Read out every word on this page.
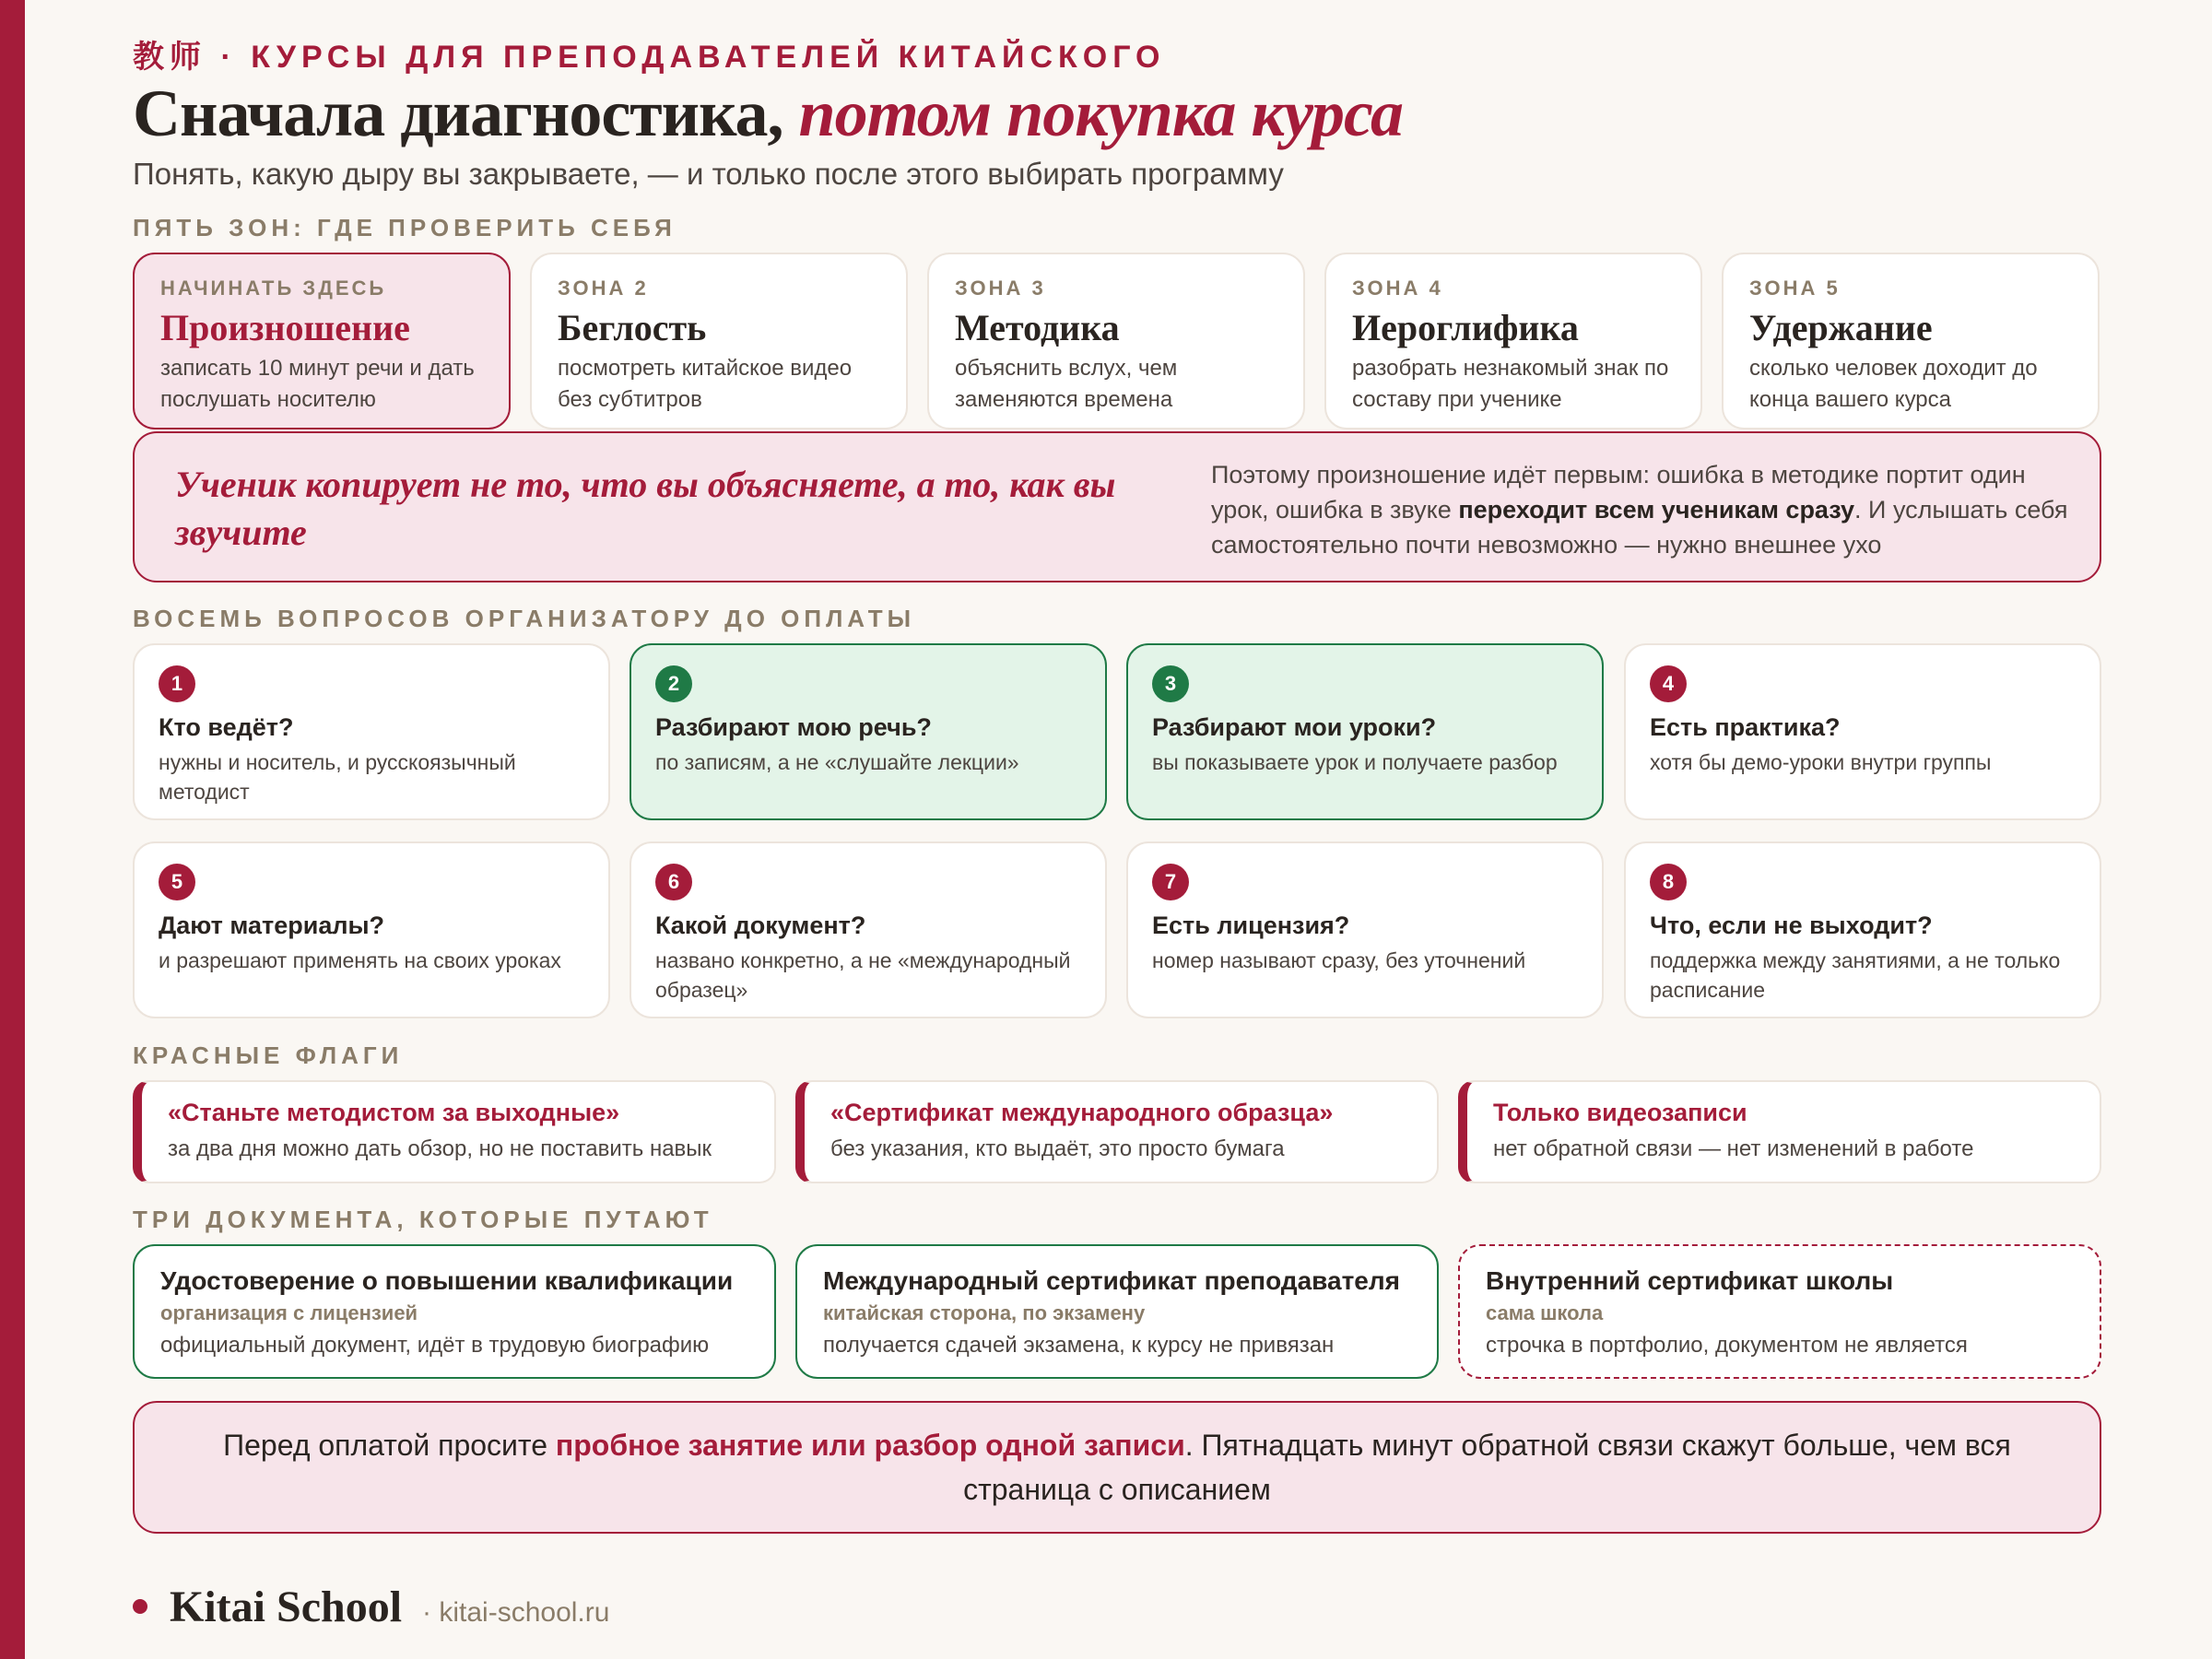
教师 · КУРСЫ ДЛЯ ПРЕПОДАВАТЕЛЕЙ КИТАЙСКОГО
Сначала диагностика, потом покупка курса
Понять, какую дыру вы закрываете, — и только после этого выбирать программу
ПЯТЬ ЗОН: ГДЕ ПРОВЕРИТЬ СЕБЯ
НАЧИНАТЬ ЗДЕСЬ
Произношение
записать 10 минут речи и дать послушать носителю
ЗОНА 2
Беглость
посмотреть китайское видео без субтитров
ЗОНА 3
Методика
объяснить вслух, чем заменяются времена
ЗОНА 4
Иероглифика
разобрать незнакомый знак по составу при ученике
ЗОНА 5
Удержание
сколько человек доходит до конца вашего курса
Ученик копирует не то, что вы объясняете, а то, как вы звучите
Поэтому произношение идёт первым: ошибка в методике портит один урок, ошибка в звуке переходит всем ученикам сразу. И услышать себя самостоятельно почти невозможно — нужно внешнее ухо
ВОСЕМЬ ВОПРОСОВ ОРГАНИЗАТОРУ ДО ОПЛАТЫ
1
Кто ведёт?
нужны и носитель, и русскоязычный методист
2
Разбирают мою речь?
по записям, а не «слушайте лекции»
3
Разбирают мои уроки?
вы показываете урок и получаете разбор
4
Есть практика?
хотя бы демо-уроки внутри группы
5
Дают материалы?
и разрешают применять на своих уроках
6
Какой документ?
названо конкретно, а не «международный образец»
7
Есть лицензия?
номер называют сразу, без уточнений
8
Что, если не выходит?
поддержка между занятиями, а не только расписание
КРАСНЫЕ ФЛАГИ
«Станьте методистом за выходные»
за два дня можно дать обзор, но не поставить навык
«Сертификат международного образца»
без указания, кто выдаёт, это просто бумага
Только видеозаписи
нет обратной связи — нет изменений в работе
ТРИ ДОКУМЕНТА, КОТОРЫЕ ПУТАЮТ
Удостоверение о повышении квалификации
организация с лицензией
официальный документ, идёт в трудовую биографию
Международный сертификат преподавателя
китайская сторона, по экзамену
получается сдачей экзамена, к курсу не привязан
Внутренний сертификат школы
сама школа
строчка в портфолио, документом не является
Перед оплатой просите пробное занятие или разбор одной записи. Пятнадцать минут обратной связи скажут больше, чем вся страница с описанием
Kitai School · kitai-school.ru
